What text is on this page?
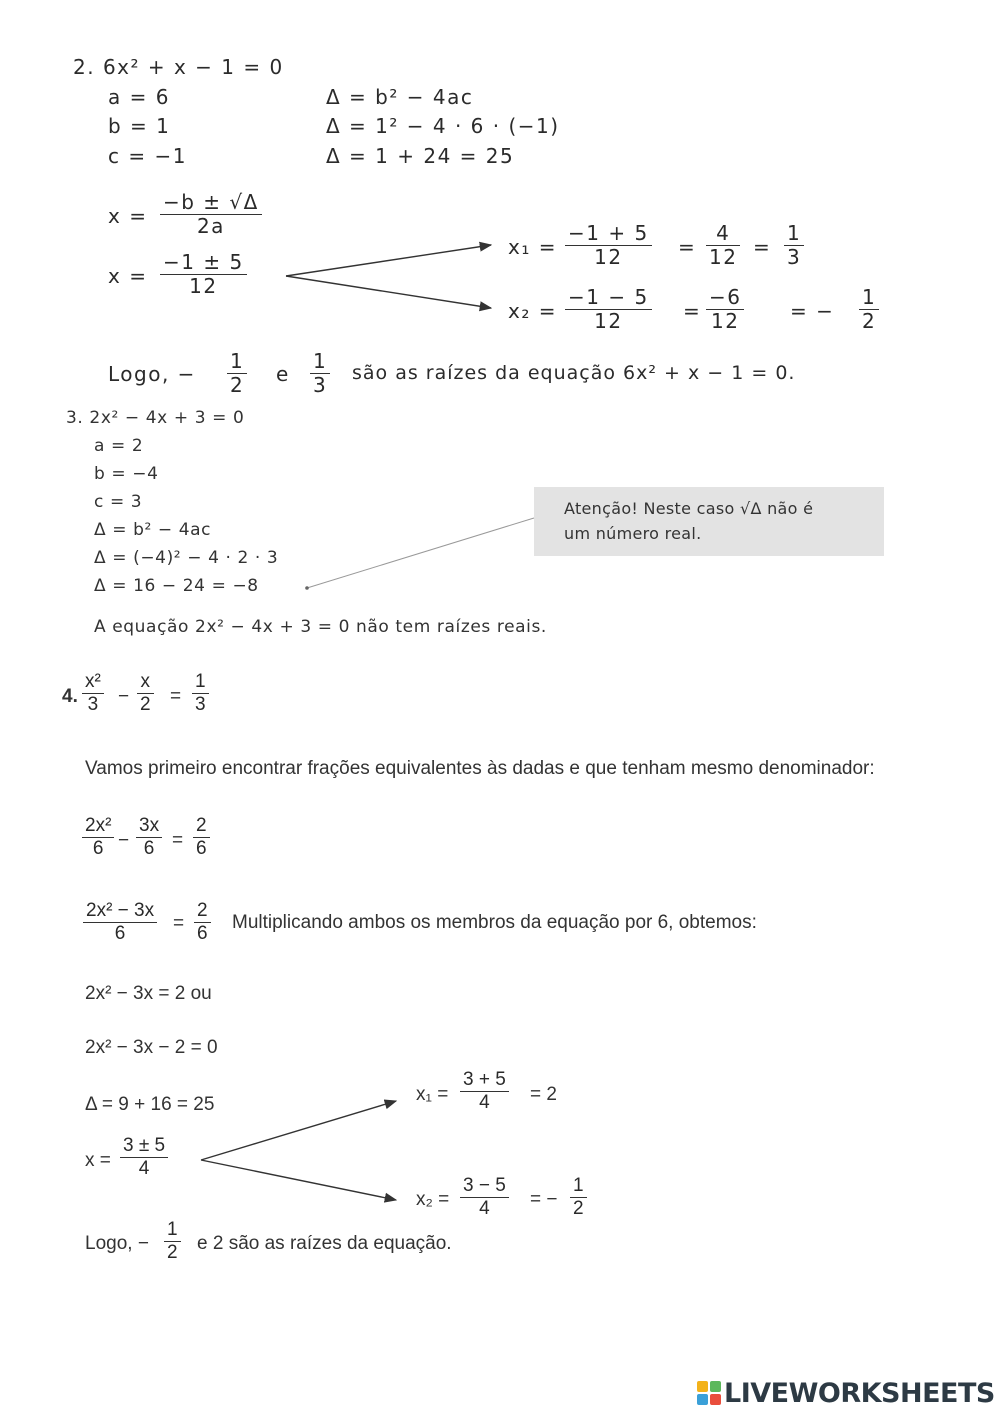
2. 6x² + x − 1 = 0
a = 6
b = 1
c = −1
Δ = b² − 4ac
Δ = 1² − 4 · 6 · (−1)
Δ = 1 + 24 = 25
$x = \frac{-b \pm √\Delta}{2a}$
$x = \frac{-1 \pm 5}{12}$
$x_1 = \frac{-1 + 5}{12} = \frac{4}{12} = \frac{1}{3}$
$x_2 = \frac{-1 - 5}{12} = \frac{-6}{12}$ = − $\frac{1}{2}$
Logo, − $\frac{1}{2}$ e $\frac{1}{3}$ são as raízes da equação 6x² + x − 1 = 0.
3. 2x² − 4x + 3 = 0
a = 2
b = −4
c = 3
Δ = b² − 4ac
Δ = (−4)² − 4 · 2 · 3
Δ = 16 − 24 = −8
Atenção! Neste caso √Δ não é
um número real.
A equação 2x² − 4x + 3 = 0 não tem raízes reais.
4. $\frac{\text{x²}}{3} - \frac{x}{2} = \frac{1}{3}$
Vamos primeiro encontrar frações equivalentes às dadas e que tenham mesmo denominador:
$\frac{\text{2x²}}{6} - \frac{3x}{6} = \frac{2}{6}$
$\frac{\text{2x² − 3x}}{6} = \frac{2}{6}$ Multiplicando ambos os membros da equação por 6, obtemos:
2x² − 3x = 2 ou
2x² − 3x − 2 = 0
Δ = 9 + 16 = 25
$x = \frac{3 \pm 5}{4}$
$x_1 = \frac{3 + 5}{4} = 2$
$x_2 = \frac{3 - 5}{4}$ = − $\frac{1}{2}$
Logo, − $\frac{1}{2}$ e 2 são as raízes da equação.
LIVEWORKSHEETS
